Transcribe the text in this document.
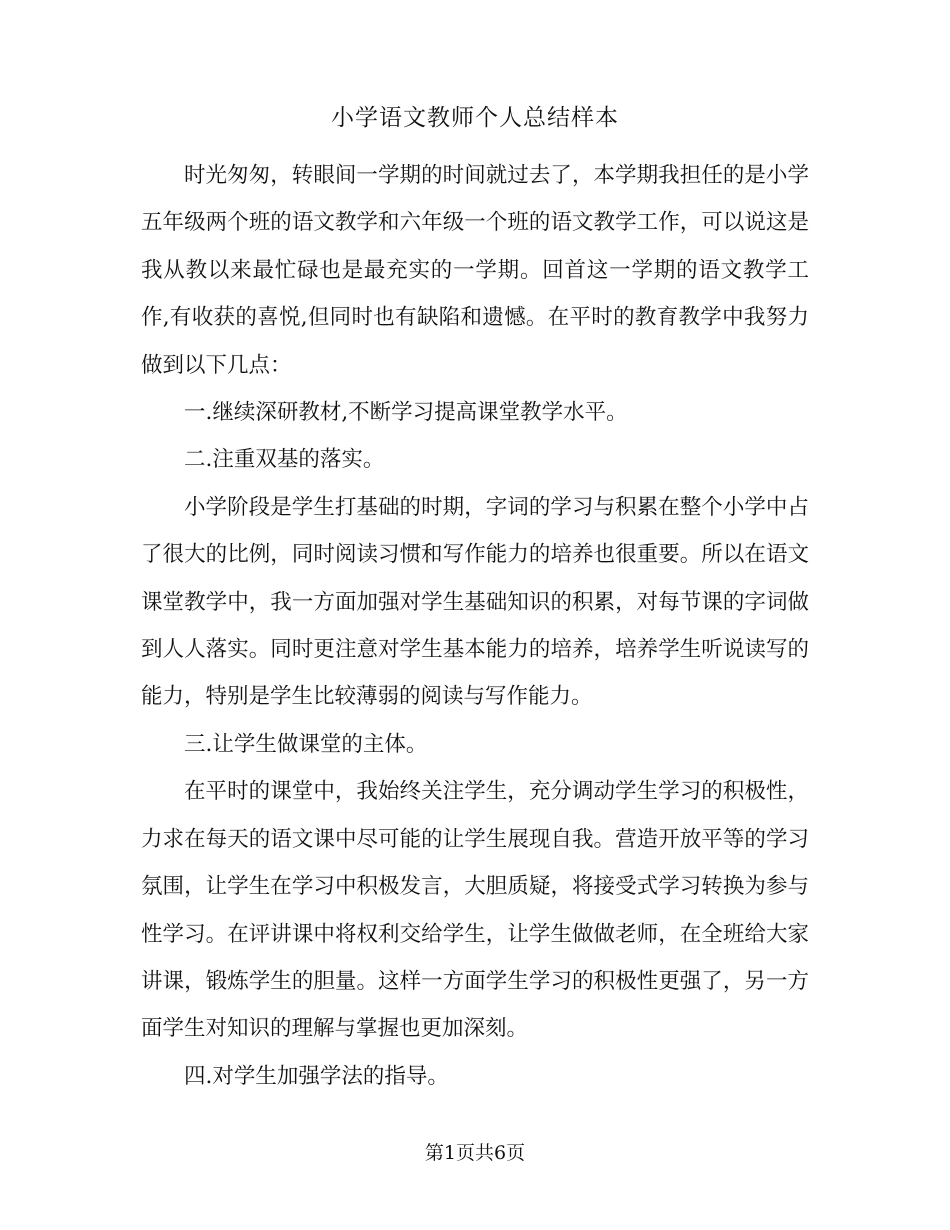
小学语文教师个人总结样本

时光匆匆，转眼间一学期的时间就过去了，本学期我担任的是小学五年级两个班的语文教学和六年级一个班的语文教学工作，可以说这是我从教以来最忙碌也是最充实的一学期。回首这一学期的语文教学工作,有收获的喜悦,但同时也有缺陷和遗憾。在平时的教育教学中我努力做到以下几点：

一.继续深研教材,不断学习提高课堂教学水平。

二.注重双基的落实。

小学阶段是学生打基础的时期，字词的学习与积累在整个小学中占了很大的比例，同时阅读习惯和写作能力的培养也很重要。所以在语文课堂教学中，我一方面加强对学生基础知识的积累，对每节课的字词做到人人落实。同时更注意对学生基本能力的培养，培养学生听说读写的能力，特别是学生比较薄弱的阅读与写作能力。

三.让学生做课堂的主体。

在平时的课堂中，我始终关注学生，充分调动学生学习的积极性，力求在每天的语文课中尽可能的让学生展现自我。营造开放平等的学习氛围，让学生在学习中积极发言，大胆质疑，将接受式学习转换为参与性学习。在评讲课中将权利交给学生，让学生做做老师，在全班给大家讲课，锻炼学生的胆量。这样一方面学生学习的积极性更强了，另一方面学生对知识的理解与掌握也更加深刻。

四.对学生加强学法的指导。

第1页共6页
